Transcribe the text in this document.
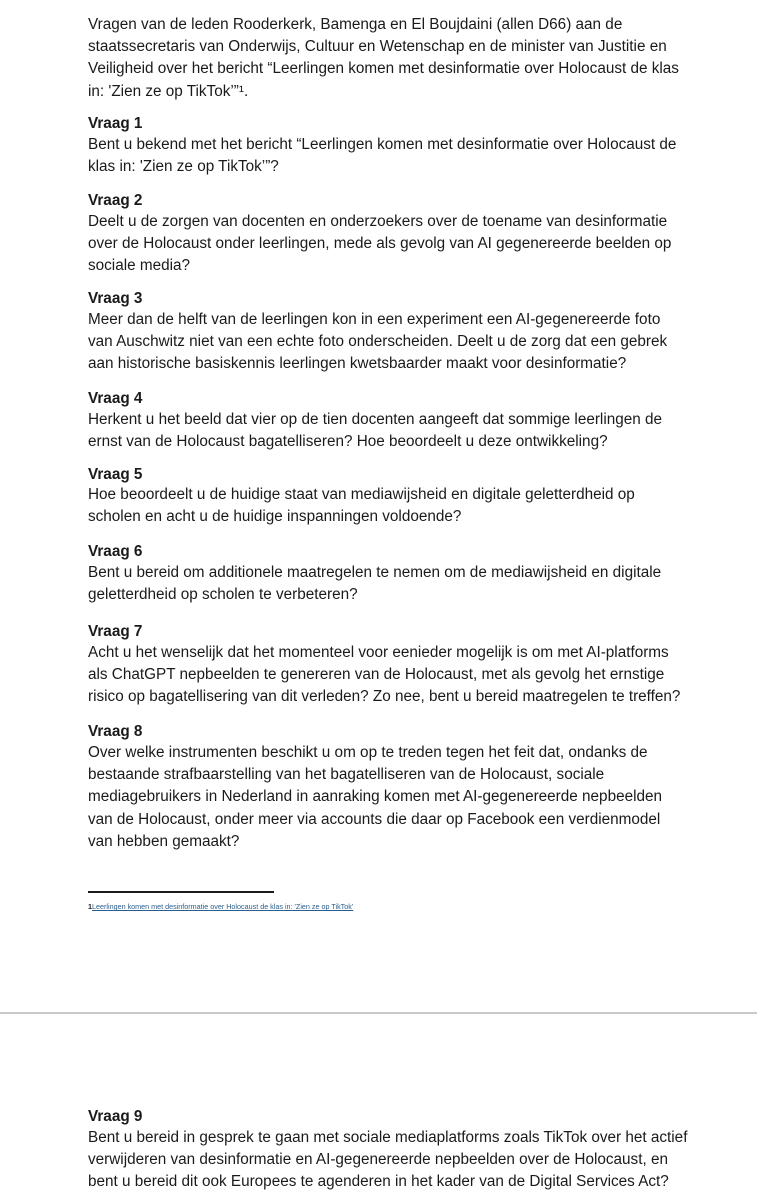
Vragen van de leden Rooderkerk, Bamenga en El Boujdaini (allen D66) aan de staatssecretaris van Onderwijs, Cultuur en Wetenschap en de minister van Justitie en Veiligheid over het bericht “Leerlingen komen met desinformatie over Holocaust de klas in: 'Zien ze op TikTok’”¹.

Vraag 1

Bent u bekend met het bericht “Leerlingen komen met desinformatie over Holocaust de klas in: 'Zien ze op TikTok’”?

Vraag 2

Deelt u de zorgen van docenten en onderzoekers over de toename van desinformatie over de Holocaust onder leerlingen, mede als gevolg van AI gegenereerde beelden op sociale media?

Vraag 3

Meer dan de helft van de leerlingen kon in een experiment een AI-gegenereerde foto van Auschwitz niet van een echte foto onderscheiden. Deelt u de zorg dat een gebrek aan historische basiskennis leerlingen kwetsbaarder maakt voor desinformatie?

Vraag 4

Herkent u het beeld dat vier op de tien docenten aangeeft dat sommige leerlingen de ernst van de Holocaust bagatelliseren? Hoe beoordeelt u deze ontwikkeling?

Vraag 5

Hoe beoordeelt u de huidige staat van mediawijsheid en digitale geletterdheid op scholen en acht u de huidige inspanningen voldoende?

Vraag 6

Bent u bereid om additionele maatregelen te nemen om de mediawijsheid en digitale geletterdheid op scholen te verbeteren?

Vraag 7

Acht u het wenselijk dat het momenteel voor eenieder mogelijk is om met AI-platforms als ChatGPT nepbeelden te genereren van de Holocaust, met als gevolg het ernstige risico op bagatellisering van dit verleden? Zo nee, bent u bereid maatregelen te treffen?

Vraag 8

Over welke instrumenten beschikt u om op te treden tegen het feit dat, ondanks de bestaande strafbaarstelling van het bagatelliseren van de Holocaust, sociale mediagebruikers in Nederland in aanraking komen met AI-gegenereerde nepbeelden van de Holocaust, onder meer via accounts die daar op Facebook een verdienmodel van hebben gemaakt?

1Leerlingen komen met desinformatie over Holocaust de klas in: 'Zien ze op TikTok'

Vraag 9

Bent u bereid in gesprek te gaan met sociale mediaplatforms zoals TikTok over het actief verwijderen van desinformatie en AI-gegenereerde nepbeelden over de Holocaust, en bent u bereid dit ook Europees te agenderen in het kader van de Digital Services Act?
